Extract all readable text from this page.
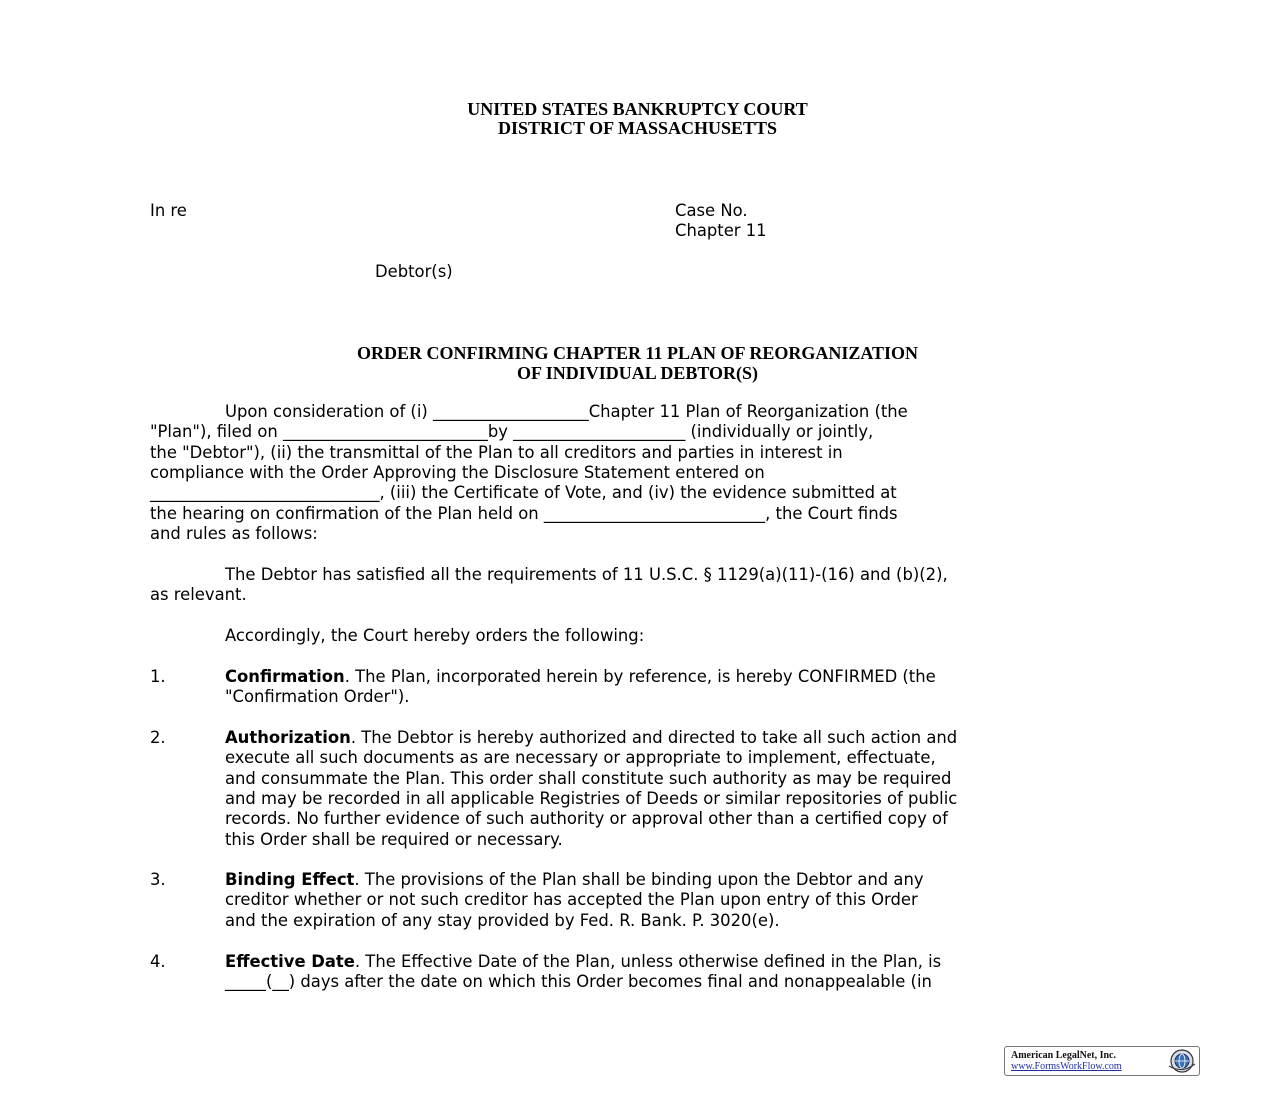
UNITED STATES BANKRUPTCY COURT
DISTRICT OF MASSACHUSETTS
In re	Case No.
Chapter 11
Debtor(s)
ORDER CONFIRMING CHAPTER 11 PLAN OF REORGANIZATION
OF INDIVIDUAL DEBTOR(S)
Upon consideration of (i) ___________________Chapter 11 Plan of Reorganization (the
"Plan"), filed on _________________________by _____________________ (individually or jointly,
the "Debtor"), (ii) the transmittal of the Plan to all creditors and parties in interest in
compliance with the Order Approving the Disclosure Statement entered on
____________________________, (iii) the Certificate of Vote, and (iv) the evidence submitted at
the hearing on confirmation of the Plan held on ___________________________, the Court finds
and rules as follows:
The Debtor has satisfied all the requirements of 11 U.S.C. § 1129(a)(11)-(16) and (b)(2),
as relevant.
Accordingly, the Court hereby orders the following:
1.	Confirmation. The Plan, incorporated herein by reference, is hereby CONFIRMED (the
"Confirmation Order").
2.	Authorization. The Debtor is hereby authorized and directed to take all such action and
execute all such documents as are necessary or appropriate to implement, effectuate,
and consummate the Plan. This order shall constitute such authority as may be required
and may be recorded in all applicable Registries of Deeds or similar repositories of public
records. No further evidence of such authority or approval other than a certified copy of
this Order shall be required or necessary.
3.	Binding Effect. The provisions of the Plan shall be binding upon the Debtor and any
creditor whether or not such creditor has accepted the Plan upon entry of this Order
and the expiration of any stay provided by Fed. R. Bank. P. 3020(e).
4.	Effective Date. The Effective Date of the Plan, unless otherwise defined in the Plan, is
_____(__) days after the date on which this Order becomes final and nonappealable (in
American LegalNet, Inc.
www.FormsWorkFlow.com
